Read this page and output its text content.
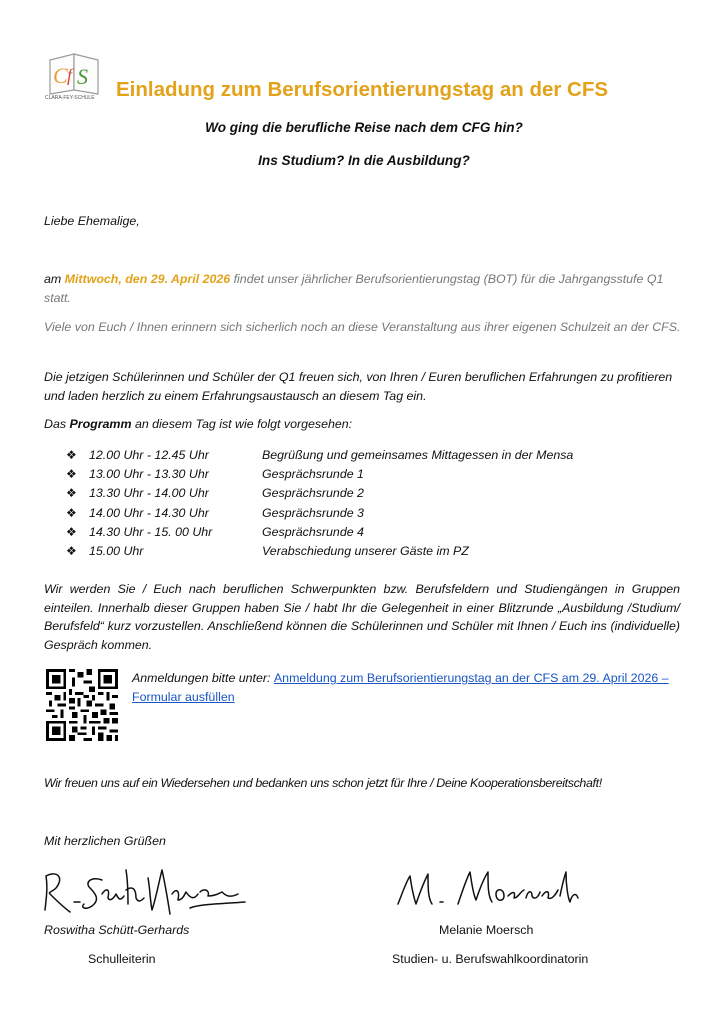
C f S
CLARA-FEY-SCHULE Einladung zum Berufsorientierungstag an der CFS
Wo ging die berufliche Reise nach dem CFG hin?
Ins Studium? In die Ausbildung?
Liebe Ehemalige,
am Mittwoch, den 29. April 2026 findet unser jährlicher Berufsorientierungstag (BOT) für die Jahrgangsstufe Q1 statt.
Viele von Euch / Ihnen erinnern sich sicherlich noch an diese Veranstaltung aus ihrer eigenen Schulzeit an der CFS.
Die jetzigen Schülerinnen und Schüler der Q1 freuen sich, von Ihren / Euren beruflichen Erfahrungen zu profitieren und laden herzlich zu einem Erfahrungsaustausch an diesem Tag ein.
Das Programm an diesem Tag ist wie folgt vorgesehen:
❖ 12.00 Uhr - 12.45 Uhr	Begrüßung und gemeinsames Mittagessen in der Mensa
❖ 13.00 Uhr - 13.30 Uhr	Gesprächsrunde 1
❖ 13.30 Uhr - 14.00 Uhr	Gesprächsrunde 2
❖ 14.00 Uhr - 14.30 Uhr	Gesprächsrunde 3
❖ 14.30 Uhr - 15. 00 Uhr	Gesprächsrunde 4
❖ 15.00 Uhr	Verabschiedung unserer Gäste im PZ
Wir werden Sie / Euch nach beruflichen Schwerpunkten bzw. Berufsfeldern und Studiengängen in Gruppen einteilen. Innerhalb dieser Gruppen haben Sie / habt Ihr die Gelegenheit in einer Blitzrunde „Ausbildung /Studium/ Berufsfeld“ kurz vorzustellen. Anschließend können die Schülerinnen und Schüler mit Ihnen / Euch ins (individuelle) Gespräch kommen.
Anmeldungen bitte unter: Anmeldung zum Berufsorientierungstag an der CFS am 29. April 2026 – Formular ausfüllen
Wir freuen uns auf ein Wiedersehen und bedanken uns schon jetzt für Ihre / Deine Kooperationsbereitschaft!
Mit herzlichen Grüßen
Roswitha Schütt-Gerhards
Schulleiterin
Melanie Moersch
Studien- u. Berufswahlkoordinatorin
